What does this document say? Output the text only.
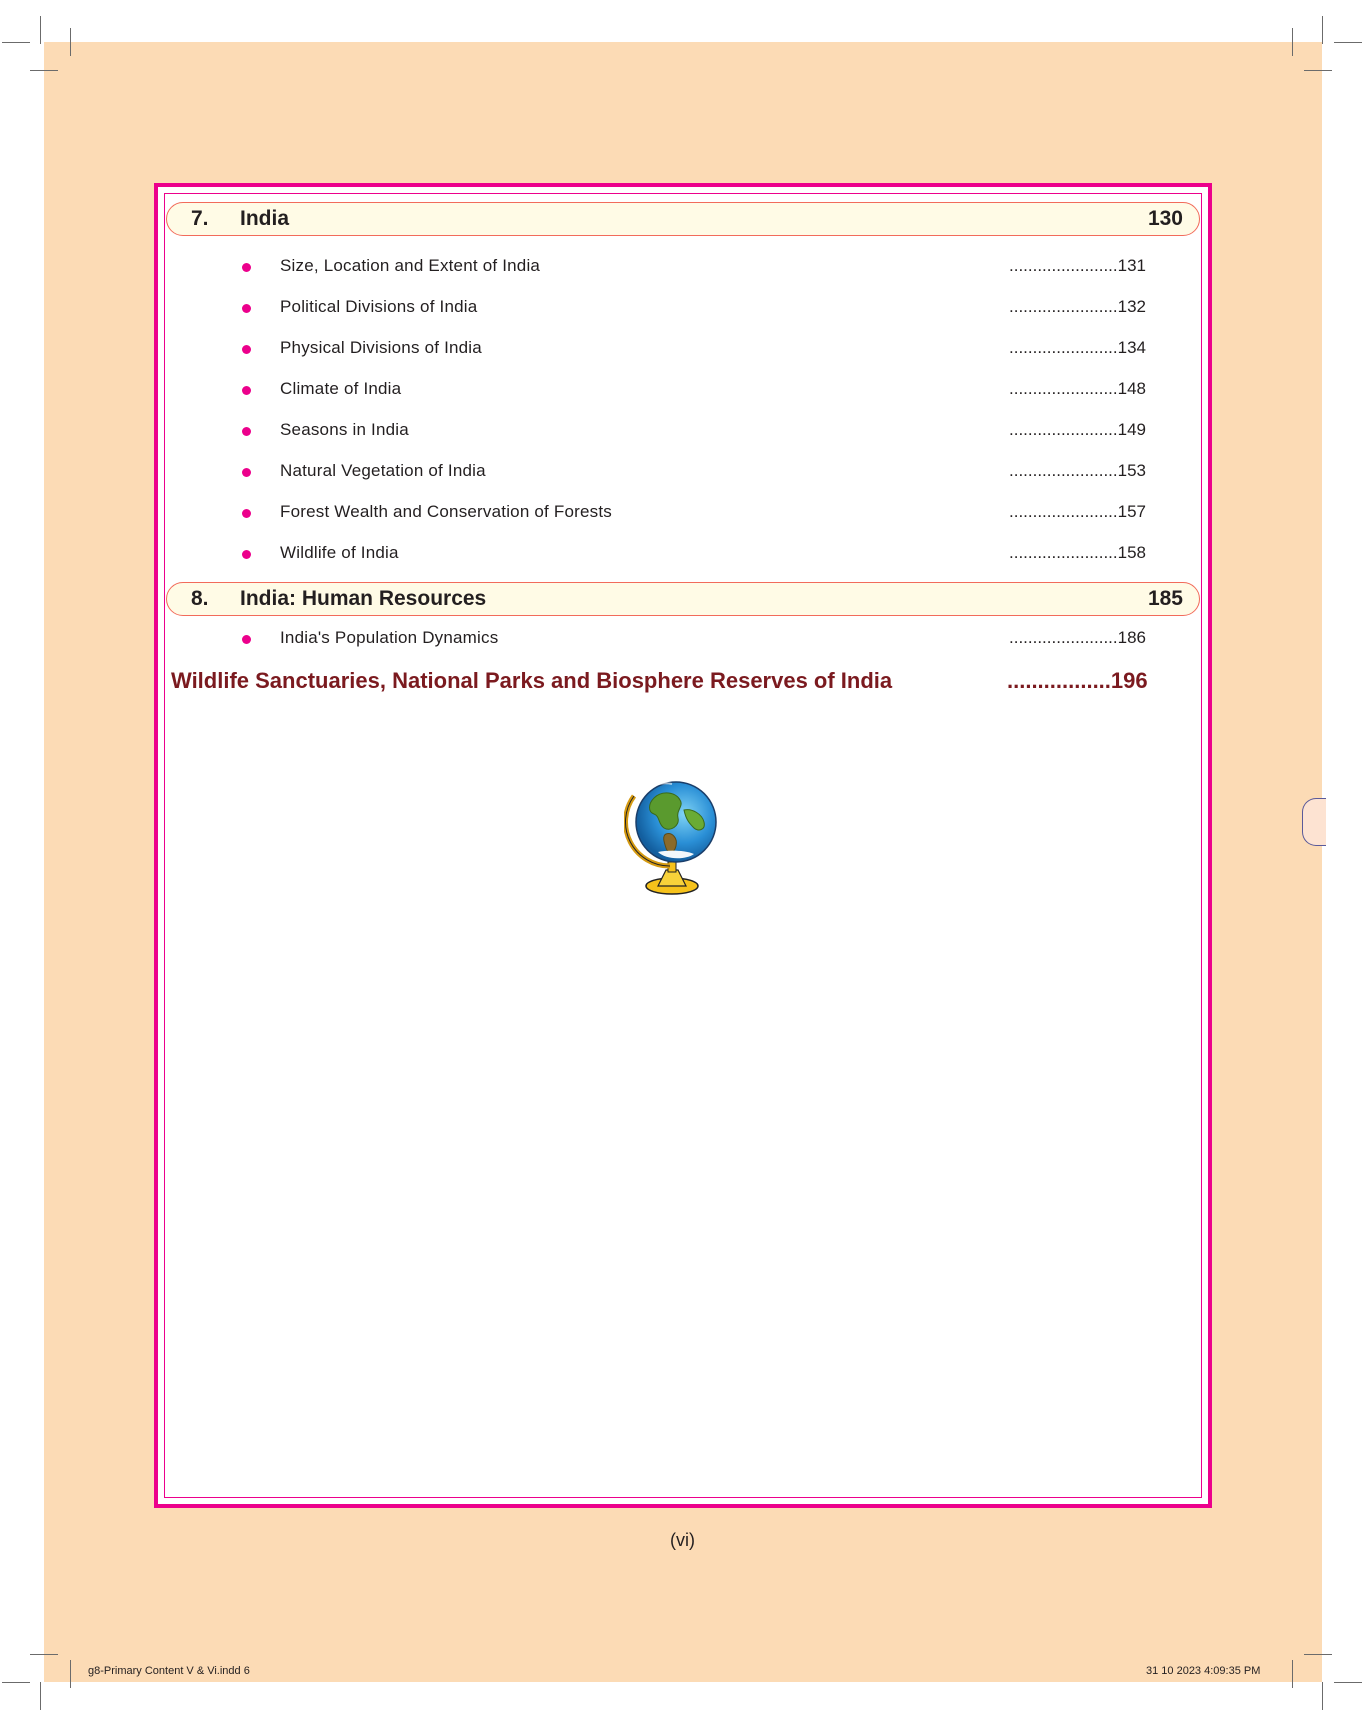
7. India	130
Size, Location and Extent of India	.......................131
Political Divisions of India	.......................132
Physical Divisions of India	.......................134
Climate of India	.......................148
Seasons in India	.......................149
Natural Vegetation of India	.......................153
Forest Wealth and Conservation of Forests	.......................157
Wildlife of India	.......................158
8. India: Human Resources	185
India's Population Dynamics	.......................186
Wildlife Sanctuaries, National Parks and Biosphere Reserves of India	.................196
(vi)
g8-Primary Content V & Vi.indd 6	31 10 2023 4:09:35 PM
